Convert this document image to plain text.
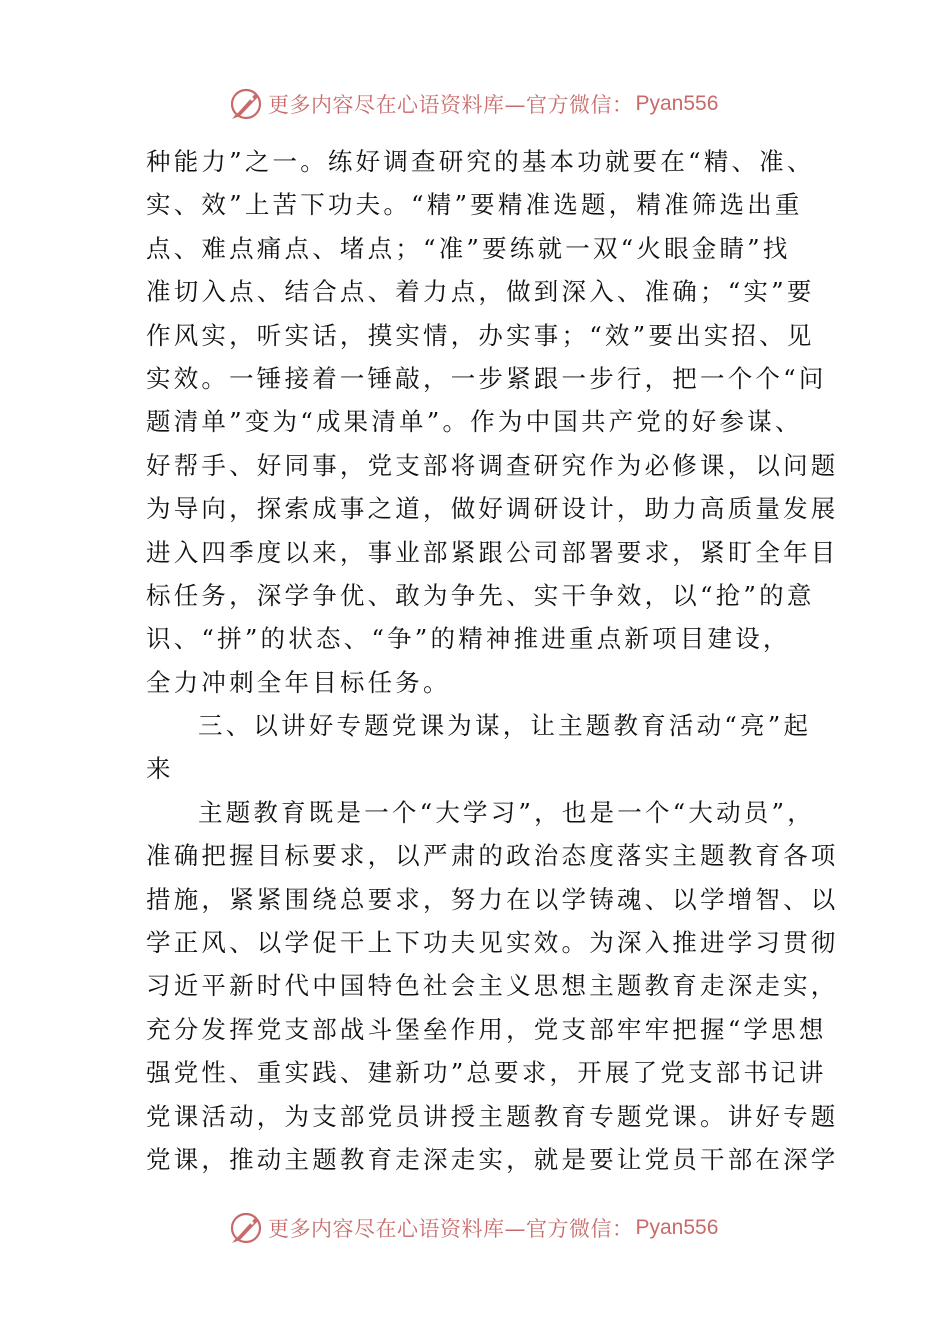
更多内容尽在心语资料库—官方微信： Pyan556
种能力”之一。练好调查研究的基本功就要在“精、准、
实、效”上苦下功夫。“精”要精准选题，精准筛选出重
点、难点痛点、堵点；“准”要练就一双“火眼金睛”找
准切入点、结合点、着力点，做到深入、准确；“实”要
作风实，听实话，摸实情，办实事；“效”要出实招、见
实效。一锤接着一锤敲，一步紧跟一步行，把一个个“问
题清单”变为“成果清单”。作为中国共产党的好参谋、
好帮手、好同事，党支部将调查研究作为必修课，以问题
为导向，探索成事之道，做好调研设计，助力高质量发展
进入四季度以来，事业部紧跟公司部署要求，紧盯全年目
标任务，深学争优、敢为争先、实干争效，以“抢”的意
识、“拼”的状态、“争”的精神推进重点新项目建设，
全力冲刺全年目标任务。
三、以讲好专题党课为谋，让主题教育活动“亮”起
来
主题教育既是一个“大学习”，也是一个“大动员”，
准确把握目标要求，以严肃的政治态度落实主题教育各项
措施，紧紧围绕总要求，努力在以学铸魂、以学增智、以
学正风、以学促干上下功夫见实效。为深入推进学习贯彻
习近平新时代中国特色社会主义思想主题教育走深走实，
充分发挥党支部战斗堡垒作用，党支部牢牢把握“学思想
强党性、重实践、建新功”总要求，开展了党支部书记讲
党课活动，为支部党员讲授主题教育专题党课。讲好专题
党课，推动主题教育走深走实，就是要让党员干部在深学
更多内容尽在心语资料库—官方微信： Pyan556
